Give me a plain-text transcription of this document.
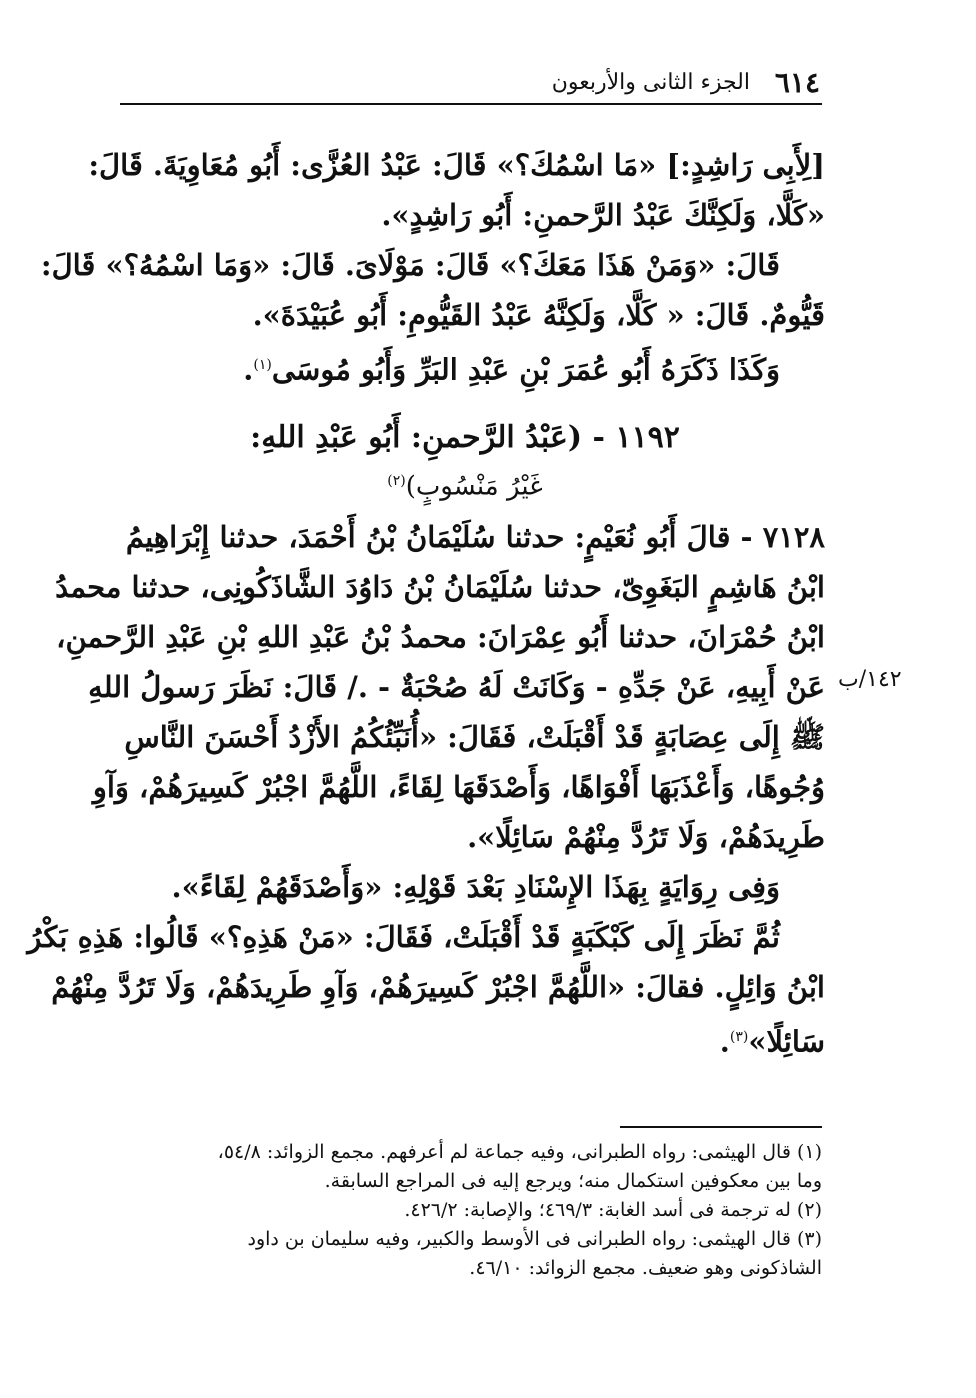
٦١٤
الجزء الثانى والأربعون
[لِأَبِى رَاشِدٍ:] «مَا اسْمُكَ؟» قَالَ: عَبْدُ العُزَّى: أَبُو مُعَاوِيَةَ. قَالَ:
«كَلَّا، وَلَكِنَّكَ عَبْدُ الرَّحمنِ: أَبُو رَاشِدٍ».
قَالَ: «وَمَنْ هَذَا مَعَكَ؟» قَالَ: مَوْلَاىَ. قَالَ: «وَمَا اسْمُهُ؟» قَالَ:
قَيُّومٌ. قَالَ: « كَلَّا، وَلَكِنَّهُ عَبْدُ القَيُّومِ: أَبُو عُبَيْدَةَ».
وَكَذَا ذَكَرَهُ أَبُو عُمَرَ بْنِ عَبْدِ البَرِّ وَأَبُو مُوسَى$^{(١)}$.
١١٩٢ - (عَبْدُ الرَّحمنِ: أَبُو عَبْدِ اللهِ:
غَيْرُ مَنْسُوبٍ)$^{(٢)}$
٧١٢٨ - قالَ أَبُو نُعَيْمٍ: حدثنا سُلَيْمَانُ بْنُ أَحْمَدَ، حدثنا إِبْرَاهِيمُ
ابْنُ هَاشِمٍ البَغَوِىّ، حدثنا سُلَيْمَانُ بْنُ دَاوُدَ الشَّاذَكُونِى، حدثنا محمدُ
ابْنُ حُمْرَانَ، حدثنا أَبُو عِمْرَانَ: محمدُ بْنُ عَبْدِ اللهِ بْنِ عَبْدِ الرَّحمنِ،
عَنْ أَبِيهِ، عَنْ جَدِّهِ - وَكَانَتْ لَهُ صُحْبَةٌ - ./ قَالَ: نَظَرَ رَسولُ اللهِ
ﷺ إِلَى عِصَابَةٍ قَدْ أَقْبَلَتْ، فَقَالَ: «أُنَبِّئُكُمُ الأَزْدُ أَحْسَنَ النَّاسِ
وُجُوهًا، وَأَعْذَبَهَا أَفْوَاهًا، وَأَصْدَقَهَا لِقَاءً، اللَّهُمَّ اجْبُرْ كَسِيرَهُمْ، وَآوِ
طَرِيدَهُمْ، وَلَا تَرُدَّ مِنْهُمْ سَائِلًا».
وَفِى رِوَايَةٍ بِهَذَا الإِسْنَادِ بَعْدَ قَوْلِهِ: «وَأَصْدَقَهُمْ لِقَاءً».
ثُمَّ نَظَرَ إِلَى كَبْكَبَةٍ قَدْ أَقْبَلَتْ، فَقَالَ: «مَنْ هَذِهِ؟» قَالُوا: هَذِهِ بَكْرُ
ابْنُ وَائِلٍ. فقالَ: «اللَّهُمَّ اجْبُرْ كَسِيرَهُمْ، وَآوِ طَرِيدَهُمْ، وَلَا تَرُدَّ مِنْهُمْ
سَائِلًا»$^{(٣)}$.
١٤٢/ب
(١) قال الهيثمى: رواه الطبرانى، وفيه جماعة لم أعرفهم. مجمع الزوائد: ٥٤/٨،
وما بين معكوفين استكمال منه؛ ويرجع إليه فى المراجع السابقة.
(٢) له ترجمة فى أسد الغابة: ٤٦٩/٣؛ والإصابة: ٤٢٦/٢.
(٣) قال الهيثمى: رواه الطبرانى فى الأوسط والكبير، وفيه سليمان بن داود
الشاذكونى وهو ضعيف. مجمع الزوائد: ٤٦/١٠.
